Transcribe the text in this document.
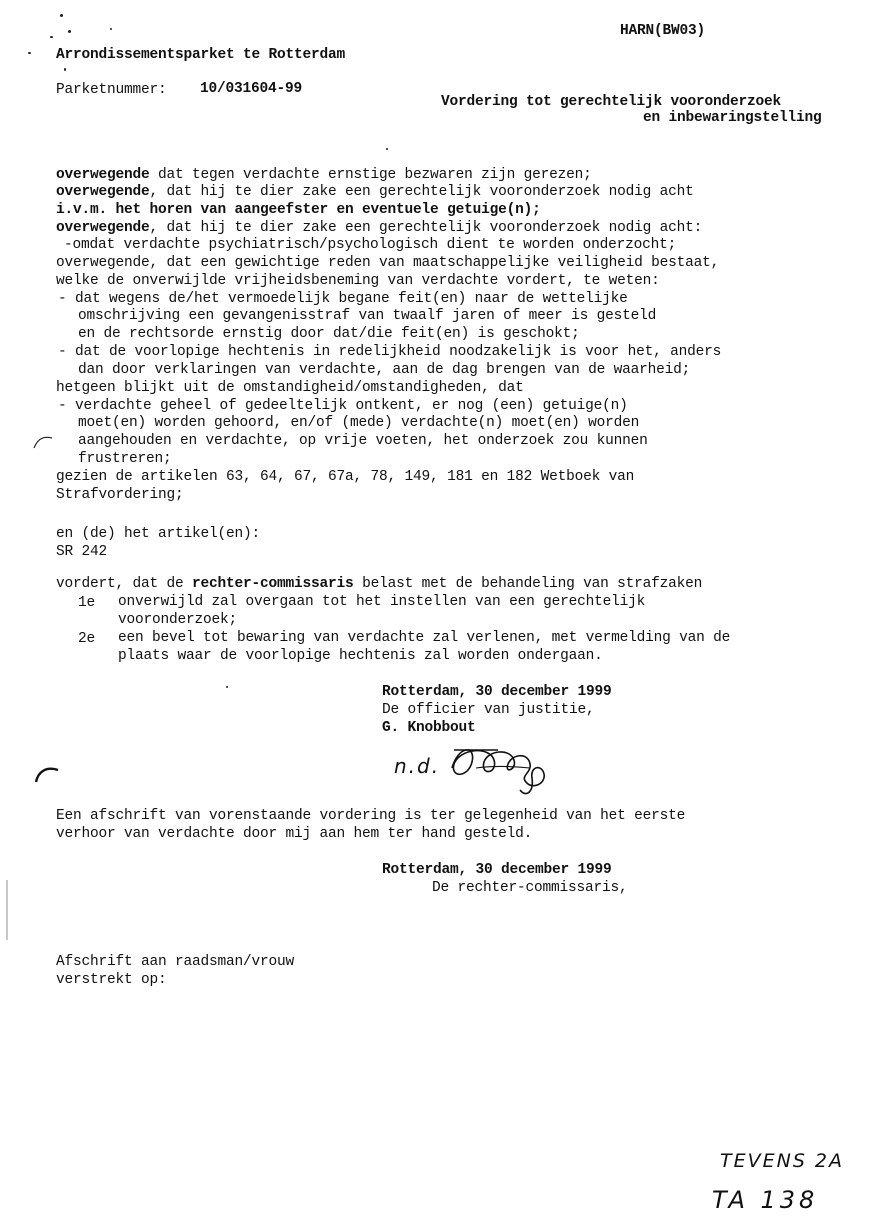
HARN(BW03)
Arrondissementsparket te Rotterdam
Parketnummer: 10/031604-99
Vordering tot gerechtelijk vooronderzoek
en inbewaringstelling
overwegende dat tegen verdachte ernstige bezwaren zijn gerezen;
overwegende, dat hij te dier zake een gerechtelijk vooronderzoek nodig acht
i.v.m. het horen van aangeefster en eventuele getuige(n);
overwegende, dat hij te dier zake een gerechtelijk vooronderzoek nodig acht:
-omdat verdachte psychiatrisch/psychologisch dient te worden onderzocht;
overwegende, dat een gewichtige reden van maatschappelijke veiligheid bestaat,
welke de onverwijlde vrijheidsbeneming van verdachte vordert, te weten:
- dat wegens de/het vermoedelijk begane feit(en) naar de wettelijke
omschrijving een gevangenisstraf van twaalf jaren of meer is gesteld
en de rechtsorde ernstig door dat/die feit(en) is geschokt;
- dat de voorlopige hechtenis in redelijkheid noodzakelijk is voor het, anders
dan door verklaringen van verdachte, aan de dag brengen van de waarheid;
hetgeen blijkt uit de omstandigheid/omstandigheden, dat
- verdachte geheel of gedeeltelijk ontkent, er nog (een) getuige(n)
moet(en) worden gehoord, en/of (mede) verdachte(n) moet(en) worden
aangehouden en verdachte, op vrije voeten, het onderzoek zou kunnen
frustreren;
gezien de artikelen 63, 64, 67, 67a, 78, 149, 181 en 182 Wetboek van
Strafvordering;
en (de) het artikel(en):
SR 242
vordert, dat de rechter-commissaris belast met de behandeling van strafzaken
1e onverwijld zal overgaan tot het instellen van een gerechtelijk
vooronderzoek;
2e een bevel tot bewaring van verdachte zal verlenen, met vermelding van de
plaats waar de voorlopige hechtenis zal worden ondergaan.
Rotterdam, 30 december 1999
De officier van justitie,
G. Knobbout
n.d.
Een afschrift van vorenstaande vordering is ter gelegenheid van het eerste
verhoor van verdachte door mij aan hem ter hand gesteld.
Rotterdam, 30 december 1999
De rechter-commissaris,
Afschrift aan raadsman/vrouw
verstrekt op:
TEVENS 2A
TA 138
